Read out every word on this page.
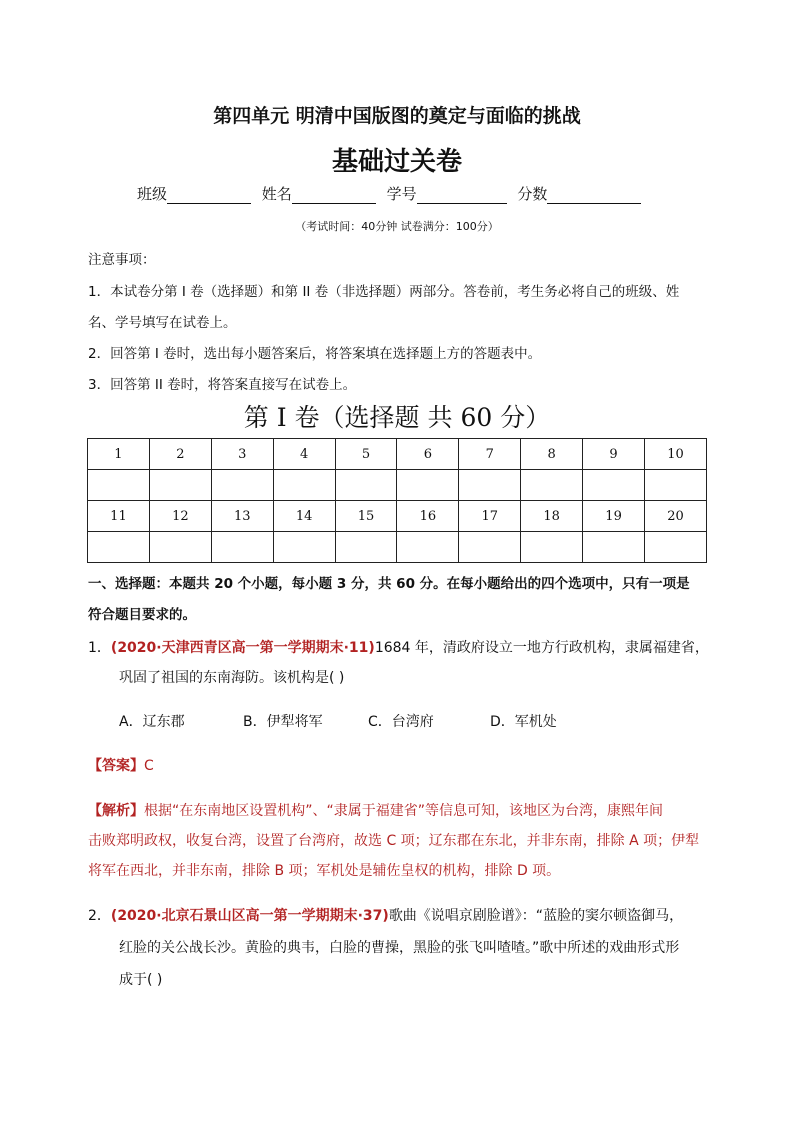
第四单元 明清中国版图的奠定与面临的挑战
基础过关卷
班级	姓名	学号	分数
（考试时间：40分钟 试卷满分：100分）
注意事项：
1．本试卷分第 I 卷（选择题）和第 II 卷（非选择题）两部分。答卷前，考生务必将自己的班级、姓
名、学号填写在试卷上。
2．回答第 I 卷时，选出每小题答案后，将答案填在选择题上方的答题表中。
3．回答第 II 卷时，将答案直接写在试卷上。
第 I 卷（选择题 共 60 分）
1	2	3	4	5	6	7	8	9	10

11	12	13	14	15	16	17	18	19	20

一、选择题：本题共 20 个小题，每小题 3 分，共 60 分。在每小题给出的四个选项中，只有一项是
符合题目要求的。
1．(2020·天津西青区高一第一学期期末·11)1684 年，清政府设立一地方行政机构，隶属福建省，
巩固了祖国的东南海防。该机构是( )
A．辽东郡	B．伊犁将军	C．台湾府	D．军机处
【答案】C
【解析】根据“在东南地区设置机构”、“隶属于福建省”等信息可知，该地区为台湾，康熙年间
击败郑明政权，收复台湾，设置了台湾府，故选 C 项；辽东郡在东北，并非东南，排除 A 项；伊犁
将军在西北，并非东南，排除 B 项；军机处是辅佐皇权的机构，排除 D 项。
2．(2020·北京石景山区高一第一学期期末·37)歌曲《说唱京剧脸谱》：“蓝脸的窦尔顿盗御马，
红脸的关公战长沙。黄脸的典韦，白脸的曹操，黑脸的张飞叫喳喳。”歌中所述的戏曲形式形
成于( )
